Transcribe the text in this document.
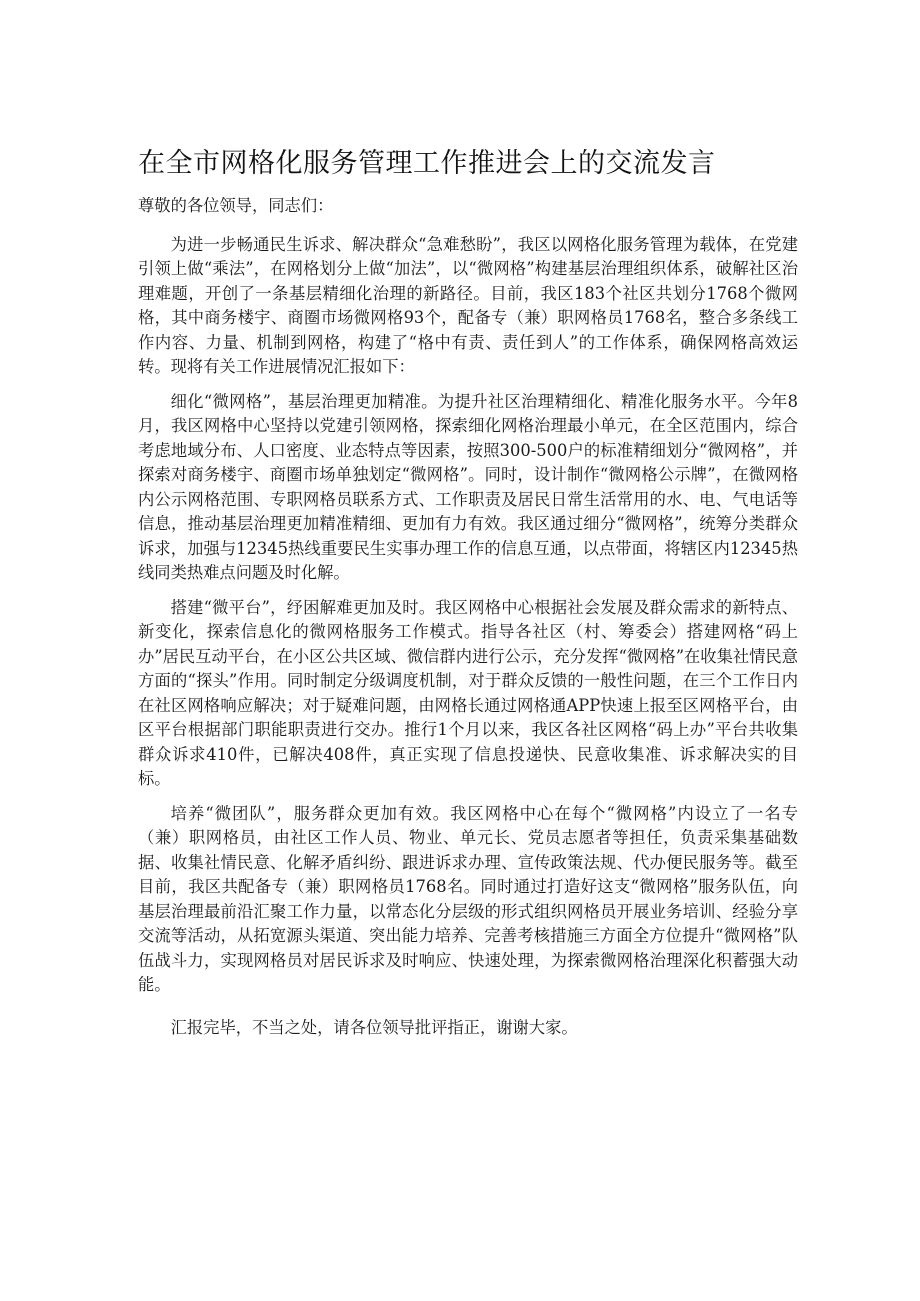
在全市网格化服务管理工作推进会上的交流发言

尊敬的各位领导，同志们：

为进一步畅通民生诉求、解决群众“急难愁盼”，我区以网格化服务管理为载体，在党建引领上做“乘法”，在网格划分上做“加法”，以“微网格”构建基层治理组织体系，破解社区治理难题，开创了一条基层精细化治理的新路径。目前，我区183个社区共划分1768个微网格，其中商务楼宇、商圈市场微网格93个，配备专（兼）职网格员1768名，整合多条线工作内容、力量、机制到网格，构建了“格中有责、责任到人”的工作体系，确保网格高效运转。现将有关工作进展情况汇报如下：

细化“微网格”，基层治理更加精准。为提升社区治理精细化、精准化服务水平。今年8月，我区网格中心坚持以党建引领网格，探索细化网格治理最小单元，在全区范围内，综合考虑地域分布、人口密度、业态特点等因素，按照300-500户的标准精细划分“微网格”，并探索对商务楼宇、商圈市场单独划定“微网格”。同时，设计制作“微网格公示牌”，在微网格内公示网格范围、专职网格员联系方式、工作职责及居民日常生活常用的水、电、气电话等信息，推动基层治理更加精准精细、更加有力有效。我区通过细分“微网格”，统筹分类群众诉求，加强与12345热线重要民生实事办理工作的信息互通，以点带面，将辖区内12345热线同类热难点问题及时化解。

搭建“微平台”，纾困解难更加及时。我区网格中心根据社会发展及群众需求的新特点、新变化，探索信息化的微网格服务工作模式。指导各社区（村、筹委会）搭建网格“码上办”居民互动平台，在小区公共区域、微信群内进行公示，充分发挥“微网格”在收集社情民意方面的“探头”作用。同时制定分级调度机制，对于群众反馈的一般性问题，在三个工作日内在社区网格响应解决；对于疑难问题，由网格长通过网格通APP快速上报至区网格平台，由区平台根据部门职能职责进行交办。推行1个月以来，我区各社区网格“码上办”平台共收集群众诉求410件，已解决408件，真正实现了信息投递快、民意收集准、诉求解决实的目标。

培养“微团队”，服务群众更加有效。我区网格中心在每个“微网格”内设立了一名专（兼）职网格员，由社区工作人员、物业、单元长、党员志愿者等担任，负责采集基础数据、收集社情民意、化解矛盾纠纷、跟进诉求办理、宣传政策法规、代办便民服务等。截至目前，我区共配备专（兼）职网格员1768名。同时通过打造好这支“微网格”服务队伍，向基层治理最前沿汇聚工作力量，以常态化分层级的形式组织网格员开展业务培训、经验分享交流等活动，从拓宽源头渠道、突出能力培养、完善考核措施三方面全方位提升“微网格”队伍战斗力，实现网格员对居民诉求及时响应、快速处理，为探索微网格治理深化积蓄强大动能。

汇报完毕，不当之处，请各位领导批评指正，谢谢大家。
